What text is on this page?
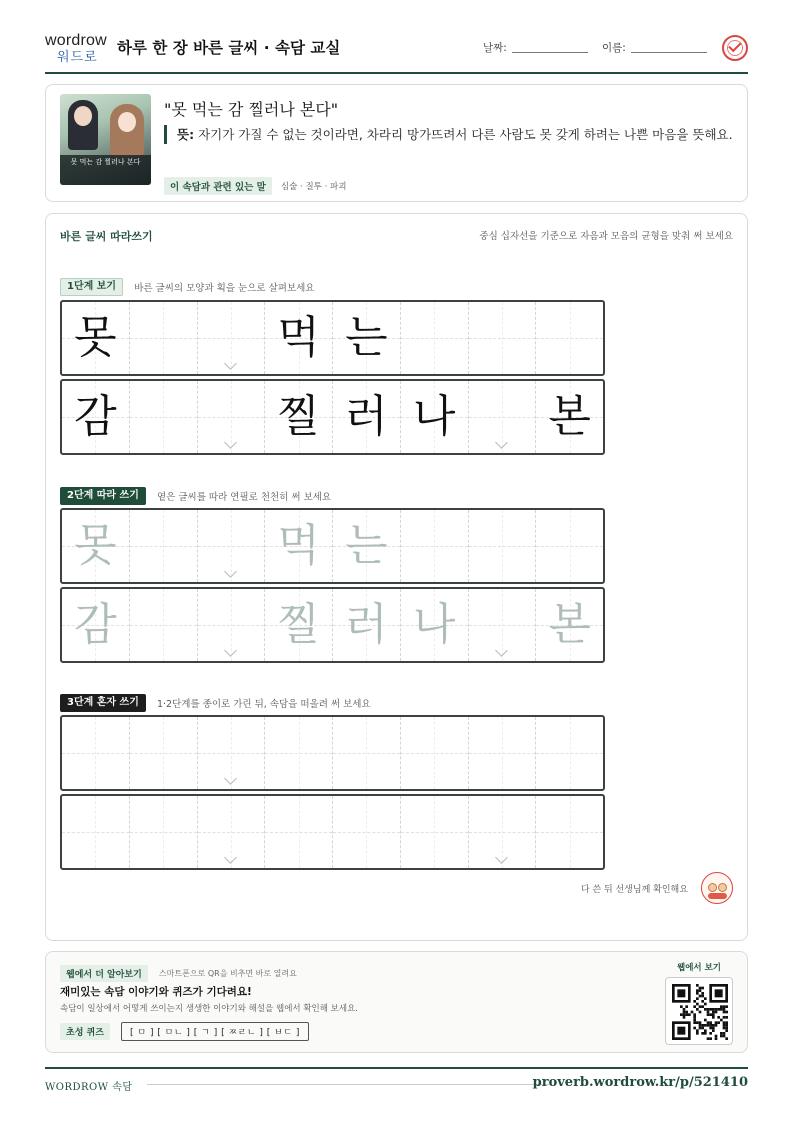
wordrow
워드로
하루 한 장 바른 글씨 · 속담 교실	날짜:	이름:
못 먹는 감 찔러나 본다
"못 먹는 감 찔러나 본다"
뜻: 자기가 가질 수 없는 것이라면, 차라리 망가뜨려서 다른 사람도 못 갖게 하려는 나쁜 마음을 뜻해요.
이 속담과 관련 있는 말 심술 · 질투 · 파괴
바른 글씨 따라쓰기	중심 십자선을 기준으로 자음과 모음의 균형을 맞춰 써 보세요
1단계 보기 바른 글씨의 모양과 획을 눈으로 살펴보세요
못	먹 는
감	찔 러 나 본
2단계 따라 쓰기 옅은 글씨를 따라 연필로 천천히 써 보세요
못	먹 는
감	찔 러 나 본
3단계 혼자 쓰기 1·2단계를 종이로 가린 뒤, 속담을 떠올려 써 보세요
다 쓴 뒤 선생님께 확인해요
웹에서 더 알아보기 스마트폰으로 QR을 비추면 바로 열려요
재미있는 속담 이야기와 퀴즈가 기다려요!
속담이 일상에서 어떻게 쓰이는지 생생한 이야기와 해설을 웹에서 확인해 보세요.
초성 퀴즈	[ ㅁ ] [ ㅁㄴ ] [ ㄱ ] [ ㅉㄹㄴ ] [ ㅂㄷ ]
웹에서 보기
WORDROW 속담	proverb.wordrow.kr/p/521410
